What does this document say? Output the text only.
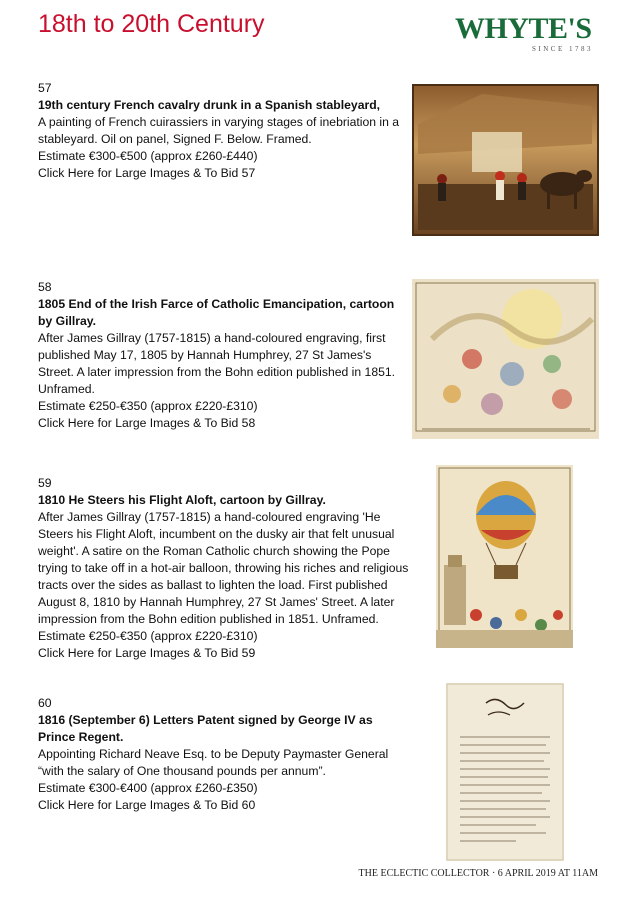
18th to 20th Century	WHYTE'S
SINCE 1783
57
19th century French cavalry drunk in a Spanish stableyard,
A painting of French cuirassiers in varying stages of inebriation in a stableyard. Oil on panel, Signed F. Below. Framed.
Estimate €300-€500 (approx £260-£440)
Click Here for Large Images & To Bid 57
58
1805 End of the Irish Farce of Catholic Emancipation, cartoon by Gillray.
After James Gillray (1757-1815) a hand-coloured engraving, first published May 17, 1805 by Hannah Humphrey, 27 St James's Street. A later impression from the Bohn edition published in 1851. Unframed.
Estimate €250-€350 (approx £220-£310)
Click Here for Large Images & To Bid 58
59
1810 He Steers his Flight Aloft, cartoon by Gillray.
After James Gillray (1757-1815) a hand-coloured engraving 'He Steers his Flight Aloft, incumbent on the dusky air that felt unusual weight'. A satire on the Roman Catholic church showing the Pope trying to take off in a hot-air balloon, throwing his riches and religious tracts over the sides as ballast to lighten the load. First published August 8, 1810 by Hannah Humphrey, 27 St James' Street. A later impression from the Bohn edition published in 1851. Unframed.
Estimate €250-€350 (approx £220-£310)
Click Here for Large Images & To Bid 59
60
1816 (September 6) Letters Patent signed by George IV as Prince Regent.
Appointing Richard Neave Esq. to be Deputy Paymaster General “with the salary of One thousand pounds per annum”.
Estimate €300-€400 (approx £260-£350)
Click Here for Large Images & To Bid 60
THE ECLECTIC COLLECTOR · 6 APRIL 2019 AT 11AM
